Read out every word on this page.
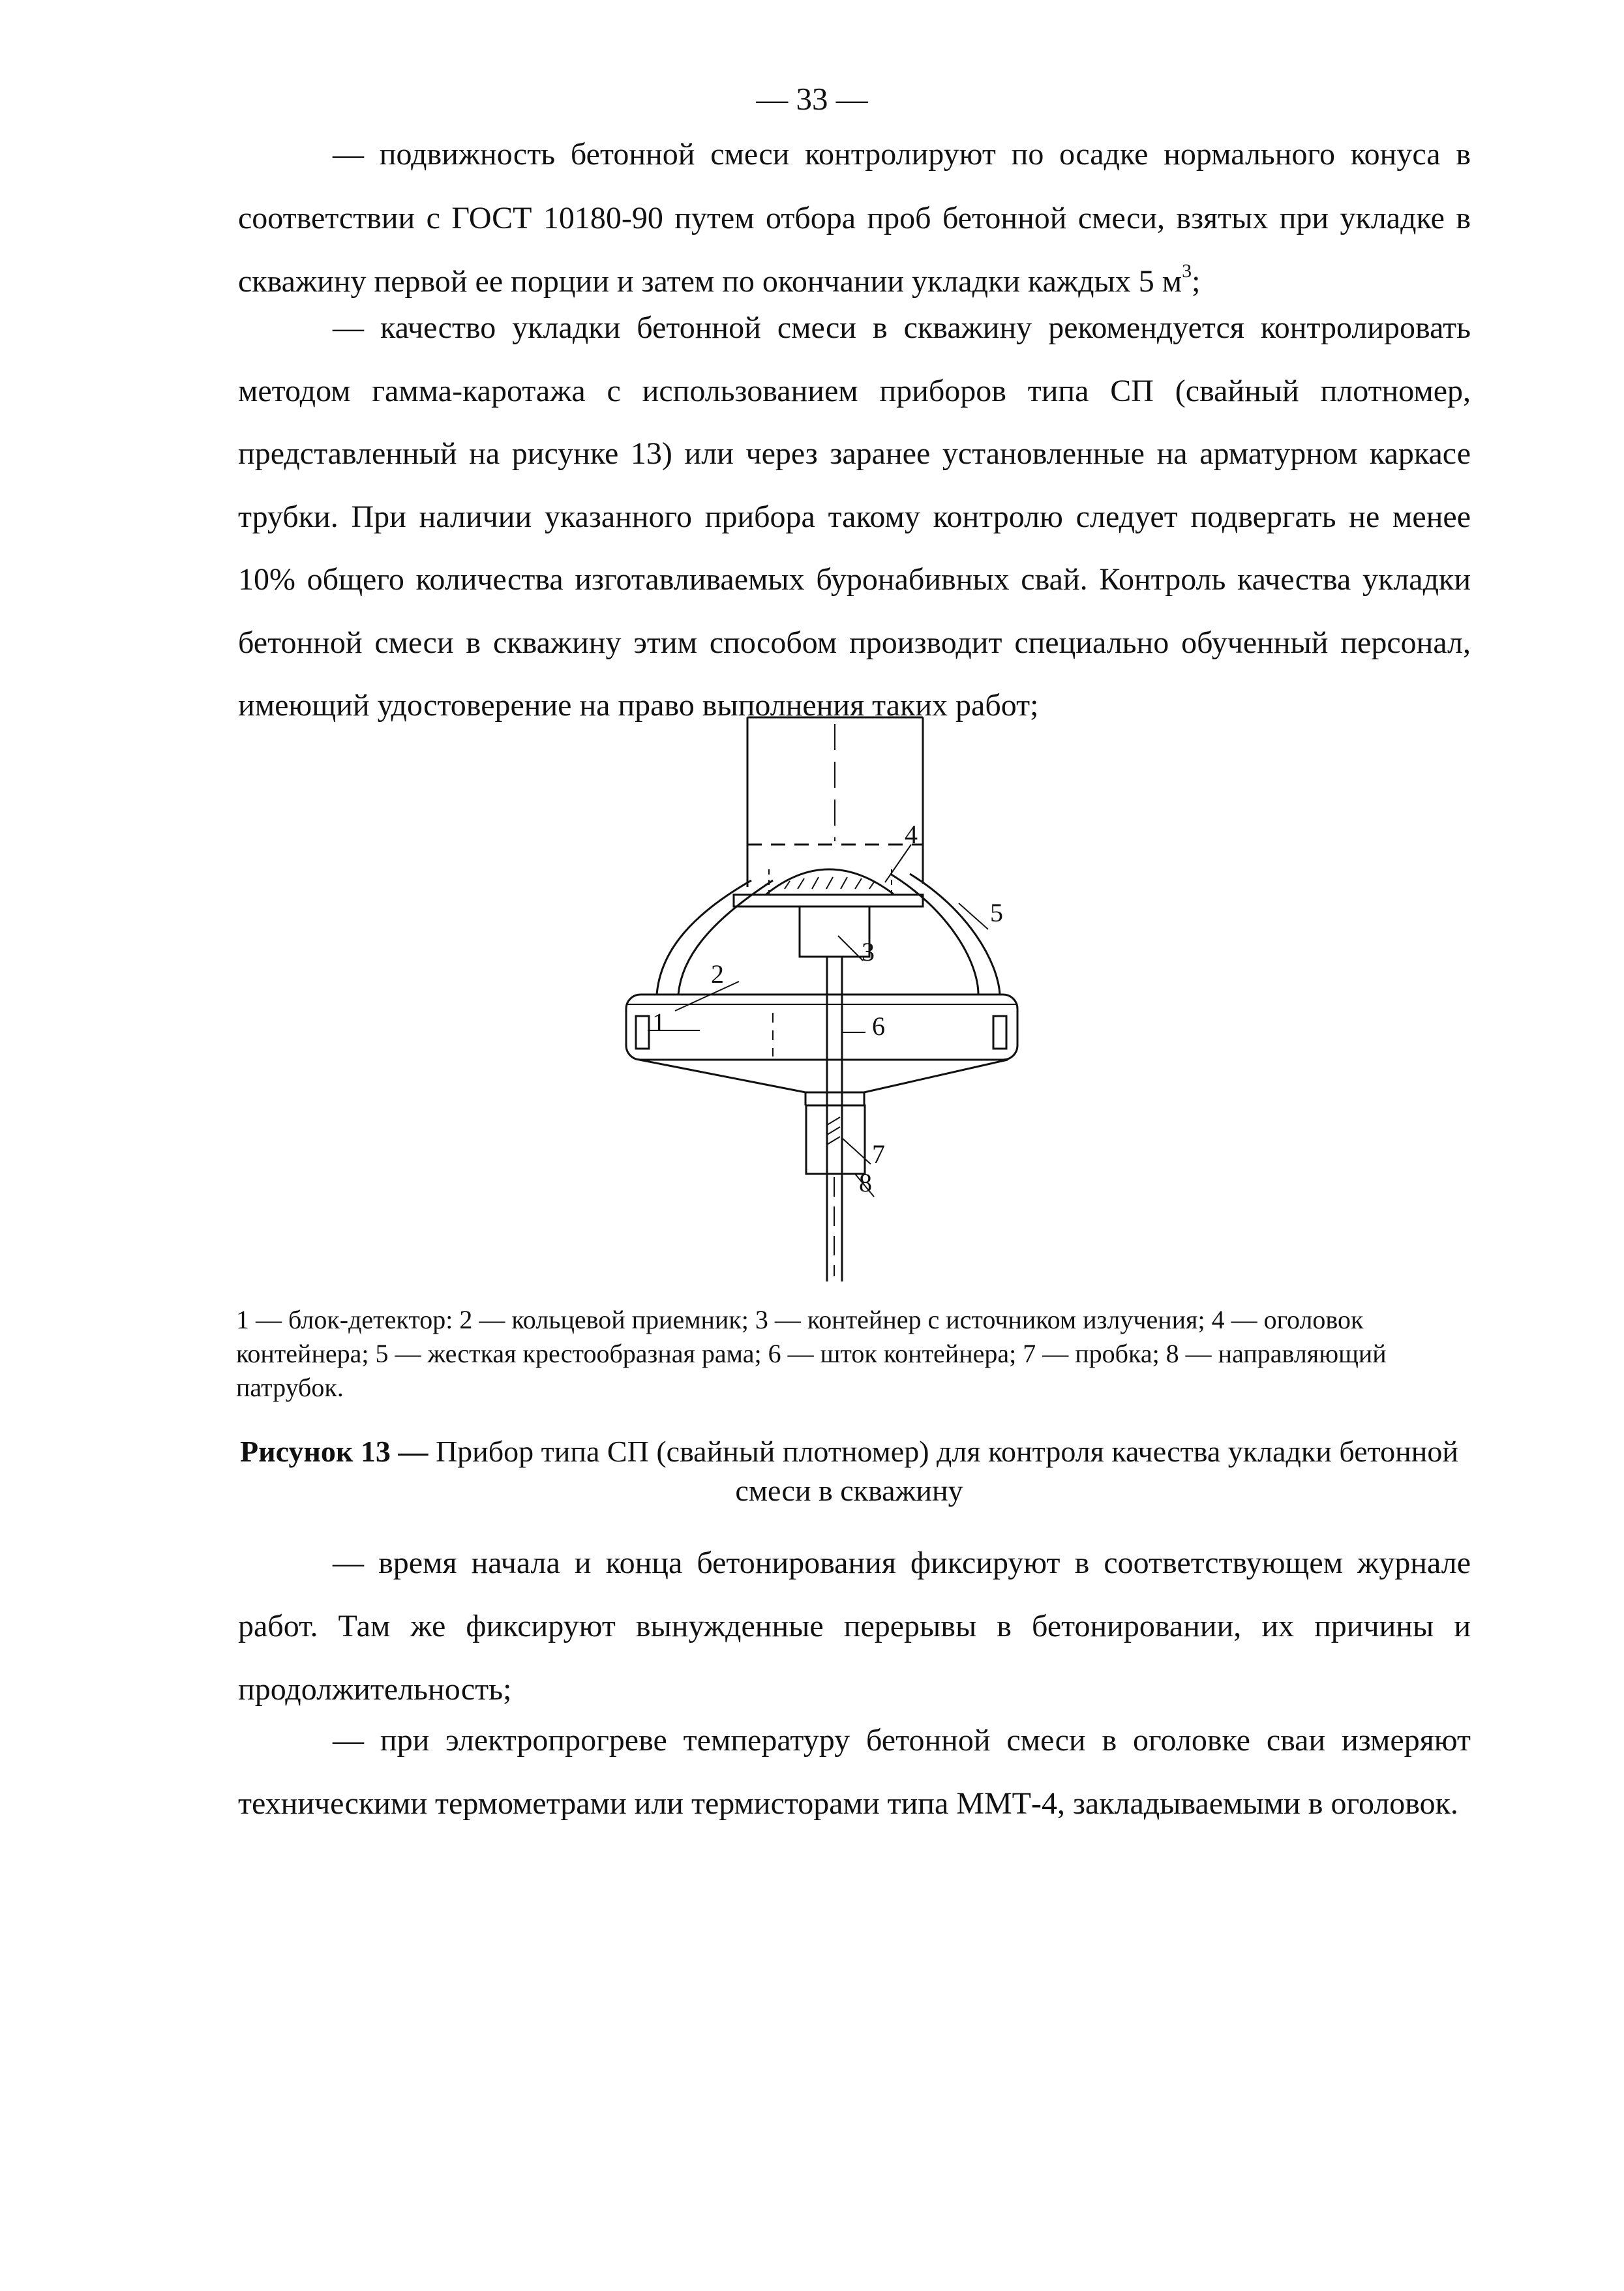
— 33 —

— подвижность бетонной смеси контролируют по осадке нормального конуса в соответствии с ГОСТ 10180-90 путем отбора проб бетонной смеси, взятых при укладке в скважину первой ее порции и затем по окончании укладки каждых 5 $м^3$;

— качество укладки бетонной смеси в скважину рекомендуется контролировать методом гамма-каротажа с использованием приборов типа СП (свайный плотномер, представленный на рисунке 13) или через заранее установленные на арматурном каркасе трубки. При наличии указанного прибора такому контролю следует подвергать не менее 10% общего количества изготавливаемых буронабивных свай. Контроль качества укладки бетонной смеси в скважину этим способом производит специально обученный персонал, имеющий удостоверение на право выполнения таких работ;

1
2
3
4
5
6
7
8

1 — блок-детектор: 2 — кольцевой приемник; 3 — контейнер с источником излучения; 4 — оголовок контейнера; 5 — жесткая крестообразная рама; 6 — шток контейнера; 7 — пробка; 8 — направляющий патрубок.

Рисунок 13 — Прибор типа СП (свайный плотномер) для контроля качества укладки бетонной смеси в скважину

— время начала и конца бетонирования фиксируют в соответствующем журнале работ. Там же фиксируют вынужденные перерывы в бетонировании, их причины и продолжительность;

— при электропрогреве температуру бетонной смеси в оголовке сваи измеряют техническими термометрами или термисторами типа ММТ-4, закладываемыми в оголовок.
